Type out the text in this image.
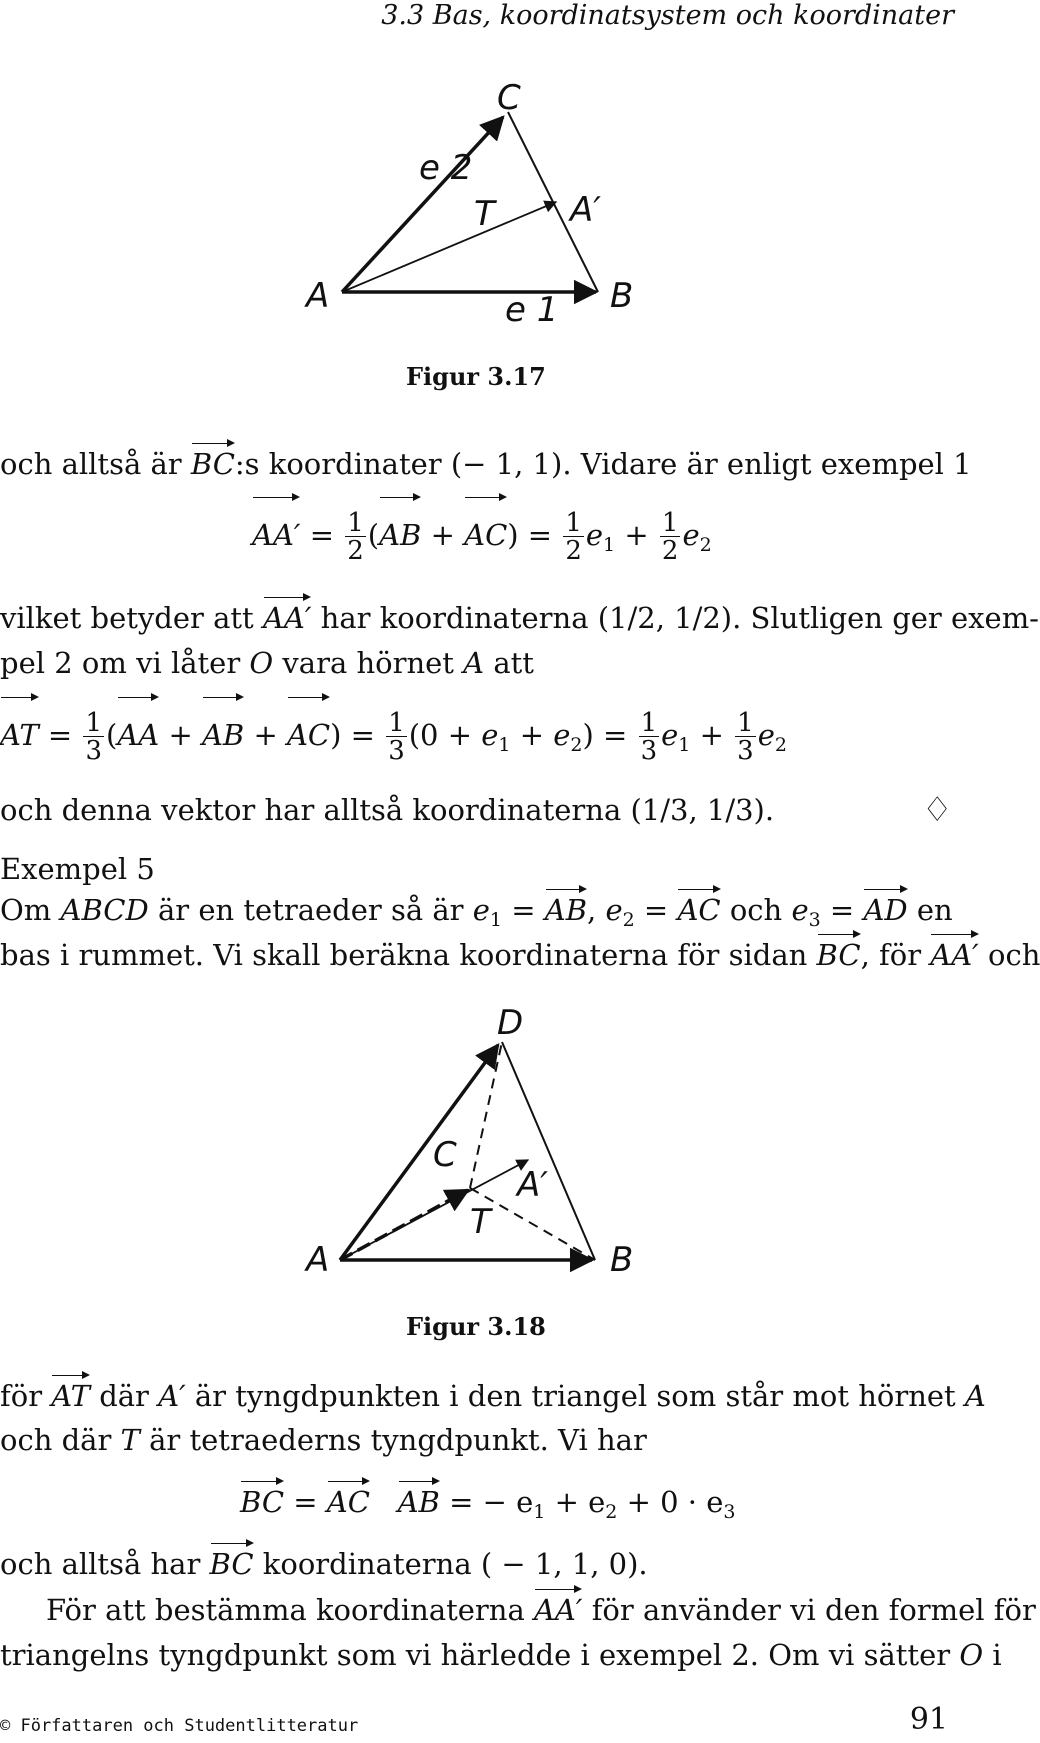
3.3 Bas, koordinatsystem och koordinater
C
e 2
T A′
A	e 1 B
Figur 3.17
och alltså är BC:s koordinater (− 1, 1). Vidare är enligt exempel 1
$AA' = \frac{1}{2} (AB + AC) = \frac{1}{2} e_1 + \frac{1}{2} e_2$
vilket betyder att AA′ har koordinaterna (1/2, 1/2). Slutligen ger exem-
pel 2 om vi låter O vara hörnet A att
AT = $\frac{1}{3} (AA$ + AB + $AC) = \frac{1}{3} (0 + e_1 + e_2) = \frac{1}{3} e_1 + \frac{1}{3} e_2$
och denna vektor har alltså koordinaterna (1/3, 1/3).	♢
Exempel 5
Om ABCD är en tetraeder så är $e_1$ = AB, $e_2$ = AC och $e_3$ = AD en
bas i rummet. Vi skall beräkna koordinaterna för sidan BC, för AA′ och
D
C
A′
T
A	B
Figur 3.18
för AT där A′ är tyngdpunkten i den triangel som står mot hörnet A
och där T är tetraederns tyngdpunkt. Vi har
BC = AC AB = − $e_1 + e_2 + 0 \cdot e_3$
och alltså har BC koordinaterna ( − 1, 1, 0).
För att bestämma koordinaterna AA′ för använder vi den formel för
triangelns tyngdpunkt som vi härledde i exempel 2. Om vi sätter O i
© Författaren och Studentlitteratur	91
